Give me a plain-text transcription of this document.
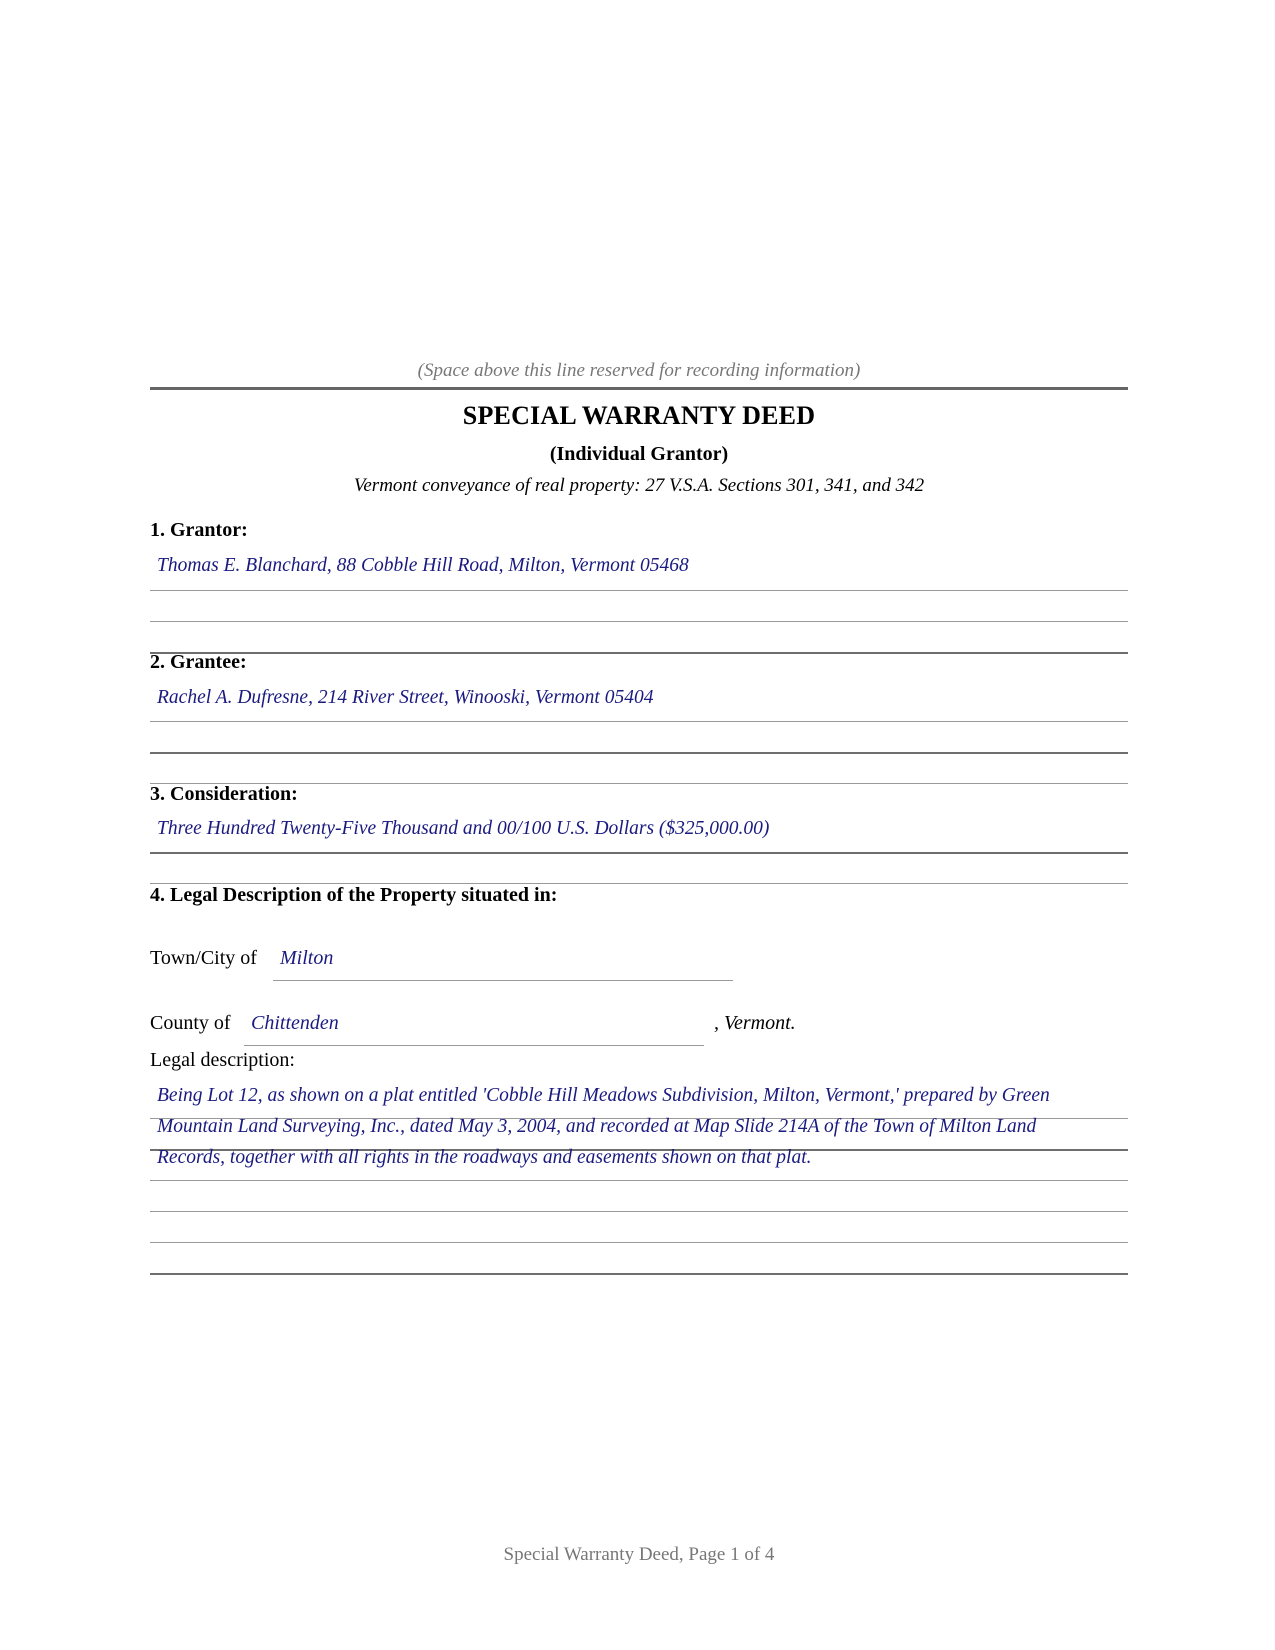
(Space above this line reserved for recording information)
SPECIAL WARRANTY DEED
(Individual Grantor)
Vermont conveyance of real property: 27 V.S.A. Sections 301, 341, and 342
1. Grantor:
Thomas E. Blanchard, 88 Cobble Hill Road, Milton, Vermont 05468
2. Grantee:
Rachel A. Dufresne, 214 River Street, Winooski, Vermont 05404
3. Consideration:
Three Hundred Twenty-Five Thousand and 00/100 U.S. Dollars ($325,000.00)
4. Legal Description of the Property situated in:
Town/City of Milton
County of Chittenden	, Vermont.
Legal description:
Being Lot 12, as shown on a plat entitled 'Cobble Hill Meadows Subdivision, Milton, Vermont,' prepared by Green
Mountain Land Surveying, Inc., dated May 3, 2004, and recorded at Map Slide 214A of the Town of Milton Land
Records, together with all rights in the roadways and easements shown on that plat.
Special Warranty Deed, Page 1 of 4
